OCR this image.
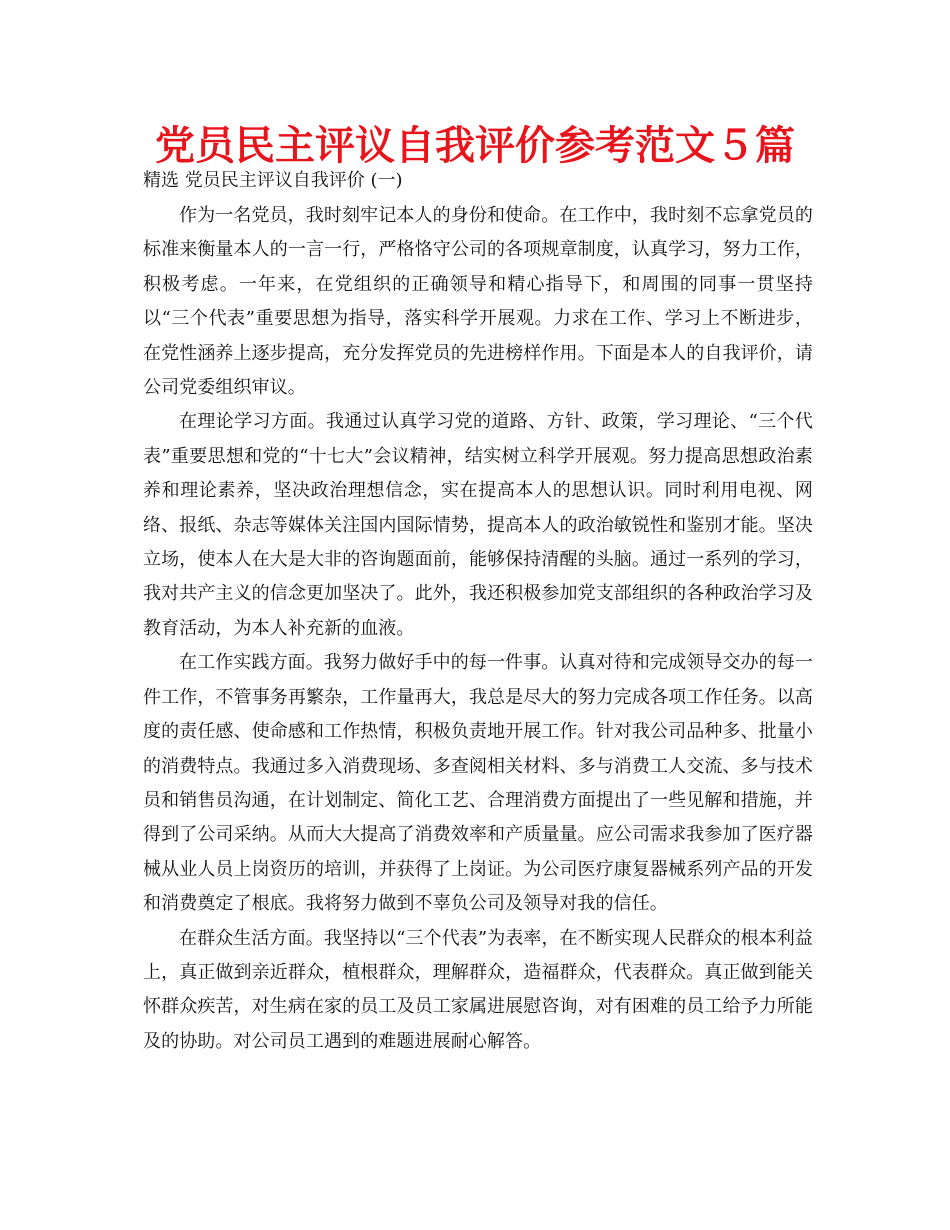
党员民主评议自我评价参考范文５篇
精选 党员民主评议自我评价 (一)

作为一名党员，我时刻牢记本人的身份和使命。在工作中，我时刻不忘拿党员的标准来衡量本人的一言一行，严格恪守公司的各项规章制度，认真学习，努力工作，积极考虑。一年来，在党组织的正确领导和精心指导下，和周围的同事一贯坚持以“三个代表”重要思想为指导，落实科学开展观。力求在工作、学习上不断进步，在党性涵养上逐步提高，充分发挥党员的先进榜样作用。下面是本人的自我评价，请公司党委组织审议。

在理论学习方面。我通过认真学习党的道路、方针、政策，学习理论、“三个代表”重要思想和党的“十七大”会议精神，结实树立科学开展观。努力提高思想政治素养和理论素养，坚决政治理想信念，实在提高本人的思想认识。同时利用电视、网络、报纸、杂志等媒体关注国内国际情势，提高本人的政治敏锐性和鉴别才能。坚决立场，使本人在大是大非的咨询题面前，能够保持清醒的头脑。通过一系列的学习，我对共产主义的信念更加坚决了。此外，我还积极参加党支部组织的各种政治学习及教育活动，为本人补充新的血液。

在工作实践方面。我努力做好手中的每一件事。认真对待和完成领导交办的每一件工作，不管事务再繁杂，工作量再大，我总是尽大的努力完成各项工作任务。以高度的责任感、使命感和工作热情，积极负责地开展工作。针对我公司品种多、批量小的消费特点。我通过多入消费现场、多查阅相关材料、多与消费工人交流、多与技术员和销售员沟通，在计划制定、简化工艺、合理消费方面提出了一些见解和措施，并得到了公司采纳。从而大大提高了消费效率和产质量量。应公司需求我参加了医疗器械从业人员上岗资历的培训，并获得了上岗证。为公司医疗康复器械系列产品的开发和消费奠定了根底。我将努力做到不辜负公司及领导对我的信任。

在群众生活方面。我坚持以“三个代表”为表率，在不断实现人民群众的根本利益上，真正做到亲近群众，植根群众，理解群众，造福群众，代表群众。真正做到能关怀群众疾苦，对生病在家的员工及员工家属进展慰咨询，对有困难的员工给予力所能及的协助。对公司员工遇到的难题进展耐心解答。
